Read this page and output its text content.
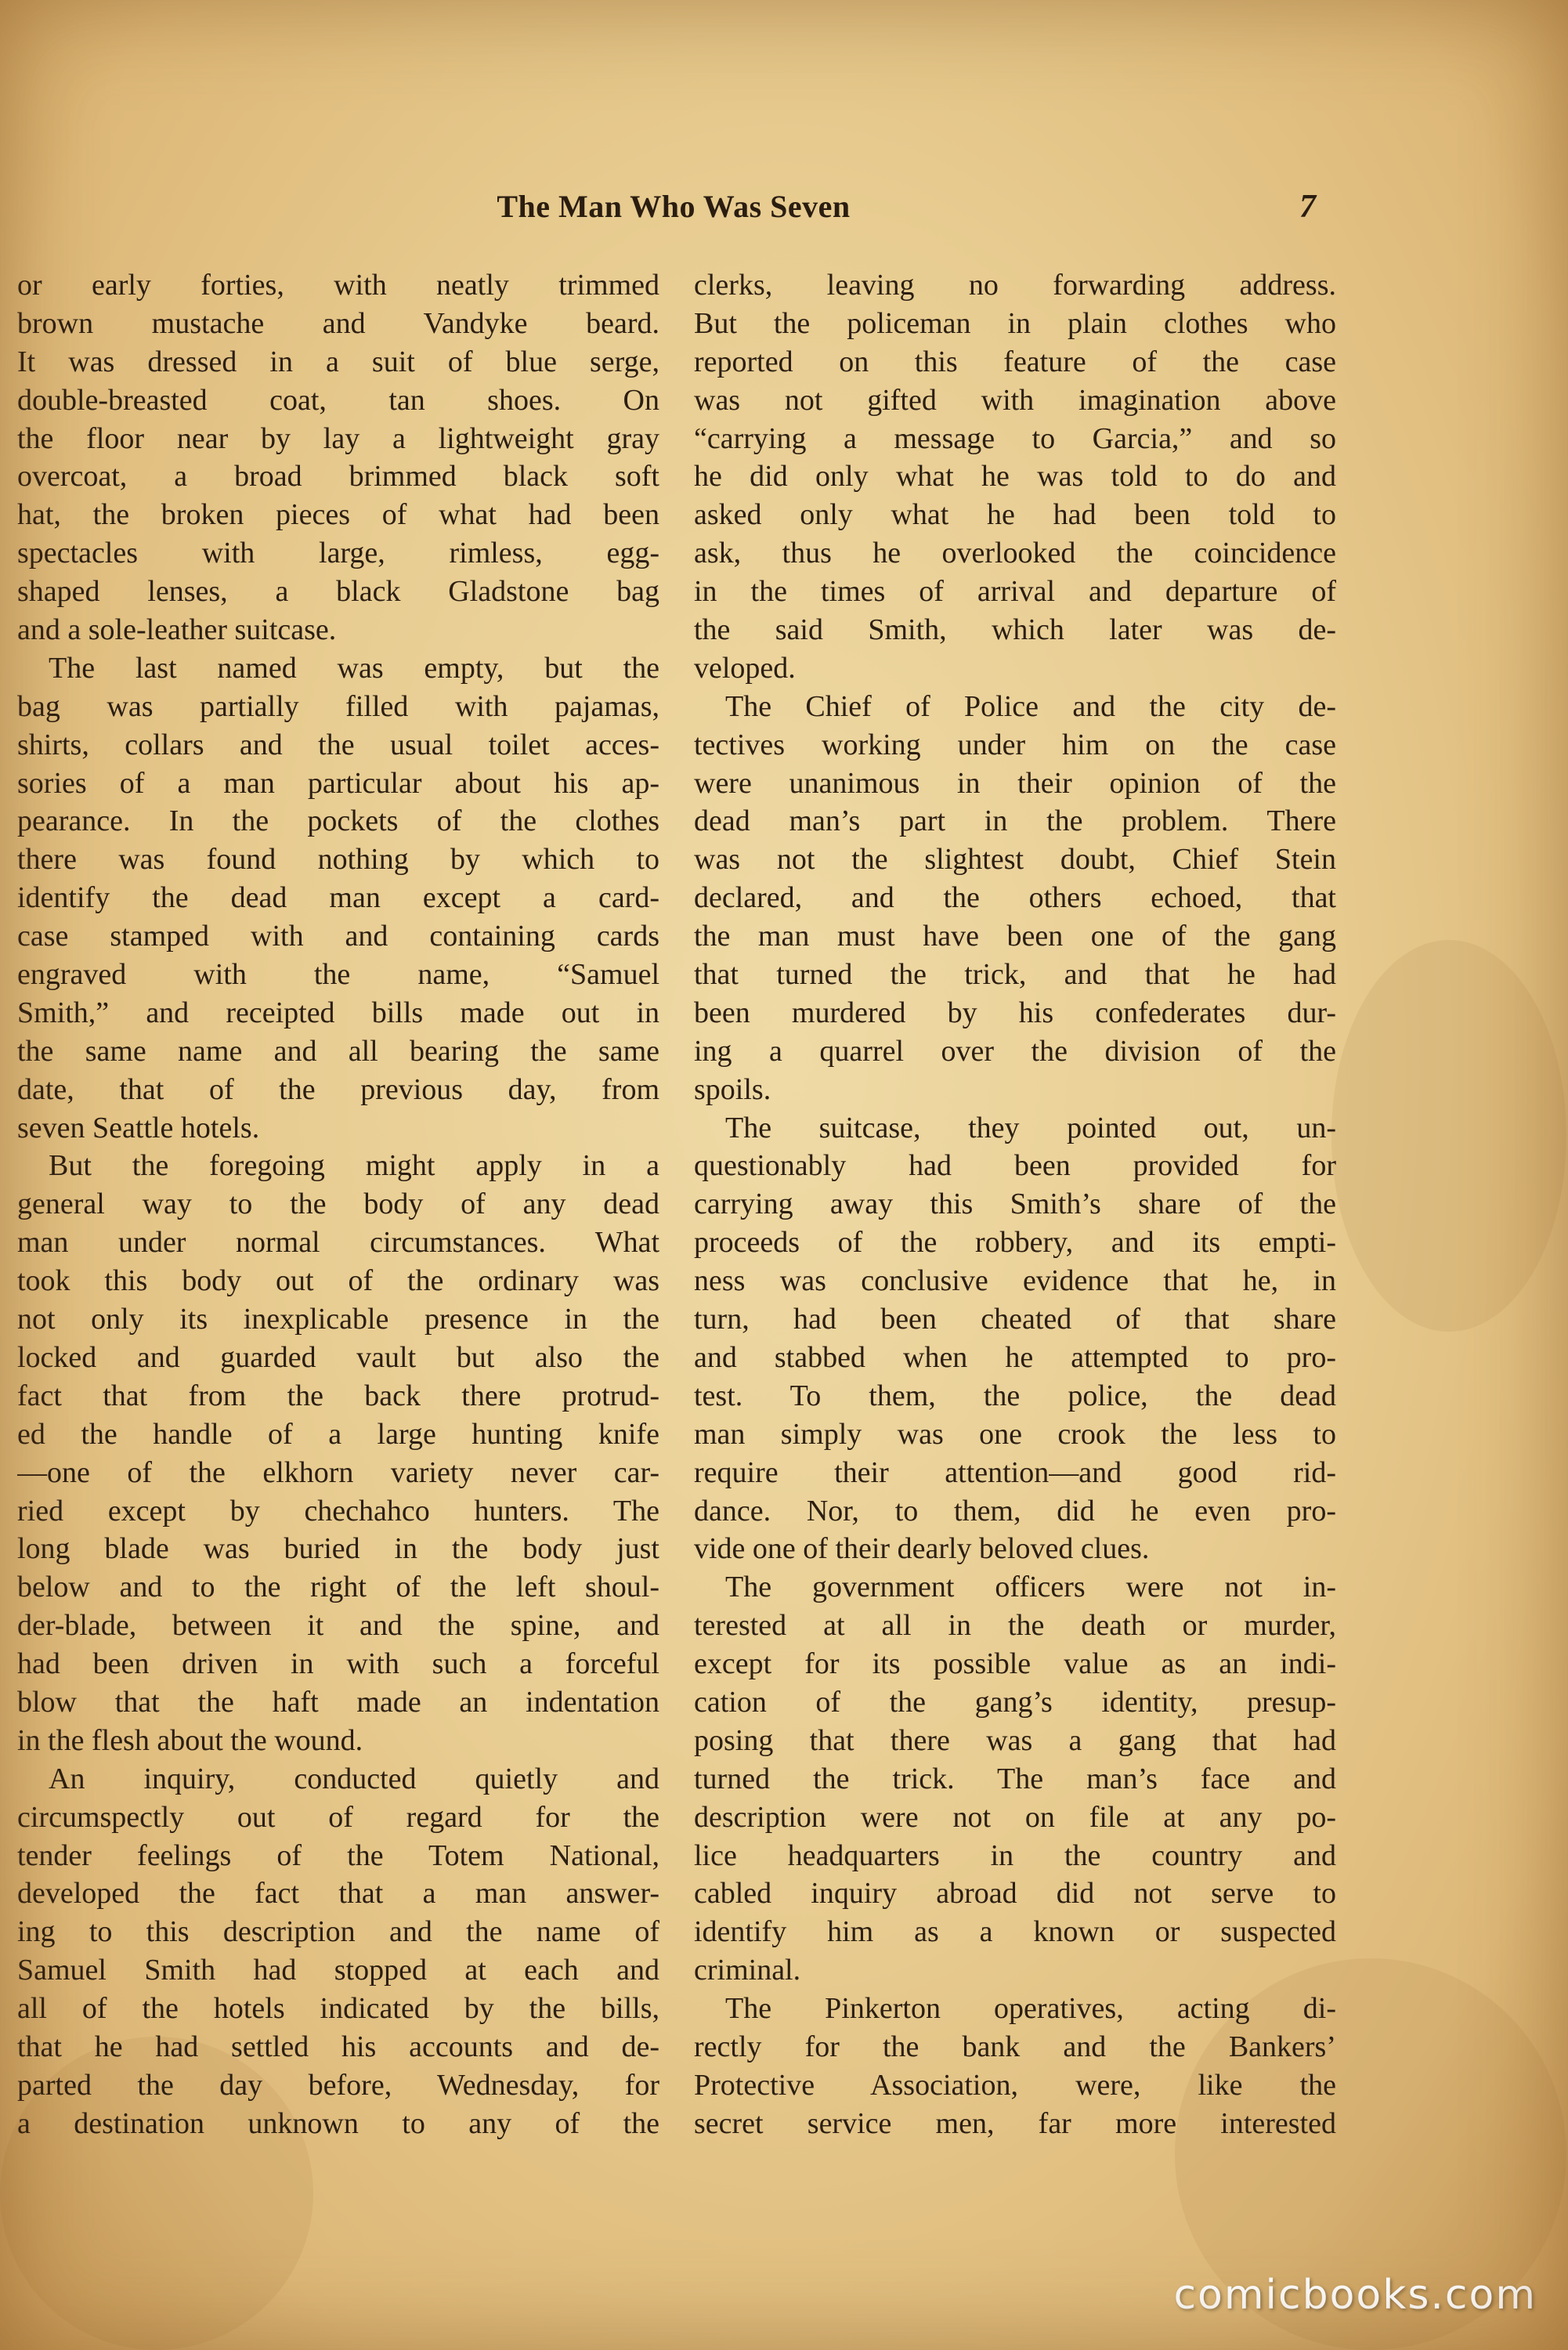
The Man Who Was Seven	7
or early forties, with neatly trimmed
brown mustache and Vandyke beard.
It was dressed in a suit of blue serge,
double-breasted coat, tan shoes. On
the floor near by lay a lightweight gray
overcoat, a broad brimmed black soft
hat, the broken pieces of what had been
spectacles with large, rimless, egg-
shaped lenses, a black Gladstone bag
and a sole-leather suitcase.
The last named was empty, but the
bag was partially filled with pajamas,
shirts, collars and the usual toilet acces-
sories of a man particular about his ap-
pearance. In the pockets of the clothes
there was found nothing by which to
identify the dead man except a card-
case stamped with and containing cards
engraved with the name, “Samuel
Smith,” and receipted bills made out in
the same name and all bearing the same
date, that of the previous day, from
seven Seattle hotels.
But the foregoing might apply in a
general way to the body of any dead
man under normal circumstances. What
took this body out of the ordinary was
not only its inexplicable presence in the
locked and guarded vault but also the
fact that from the back there protrud-
ed the handle of a large hunting knife
—one of the elkhorn variety never car-
ried except by chechahco hunters. The
long blade was buried in the body just
below and to the right of the left shoul-
der-blade, between it and the spine, and
had been driven in with such a forceful
blow that the haft made an indentation
in the flesh about the wound.
An inquiry, conducted quietly and
circumspectly out of regard for the
tender feelings of the Totem National,
developed the fact that a man answer-
ing to this description and the name of
Samuel Smith had stopped at each and
all of the hotels indicated by the bills,
that he had settled his accounts and de-
parted the day before, Wednesday, for
a destination unknown to any of the
clerks, leaving no forwarding address.
But the policeman in plain clothes who
reported on this feature of the case
was not gifted with imagination above
“carrying a message to Garcia,” and so
he did only what he was told to do and
asked only what he had been told to
ask, thus he overlooked the coincidence
in the times of arrival and departure of
the said Smith, which later was de-
veloped.
The Chief of Police and the city de-
tectives working under him on the case
were unanimous in their opinion of the
dead man’s part in the problem. There
was not the slightest doubt, Chief Stein
declared, and the others echoed, that
the man must have been one of the gang
that turned the trick, and that he had
been murdered by his confederates dur-
ing a quarrel over the division of the
spoils.
The suitcase, they pointed out, un-
questionably had been provided for
carrying away this Smith’s share of the
proceeds of the robbery, and its empti-
ness was conclusive evidence that he, in
turn, had been cheated of that share
and stabbed when he attempted to pro-
test. To them, the police, the dead
man simply was one crook the less to
require their attention—and good rid-
dance. Nor, to them, did he even pro-
vide one of their dearly beloved clues.
The government officers were not in-
terested at all in the death or murder,
except for its possible value as an indi-
cation of the gang’s identity, presup-
posing that there was a gang that had
turned the trick. The man’s face and
description were not on file at any po-
lice headquarters in the country and
cabled inquiry abroad did not serve to
identify him as a known or suspected
criminal.
The Pinkerton operatives, acting di-
rectly for the bank and the Bankers’
Protective Association, were, like the
secret service men, far more interested
comicbooks.com
